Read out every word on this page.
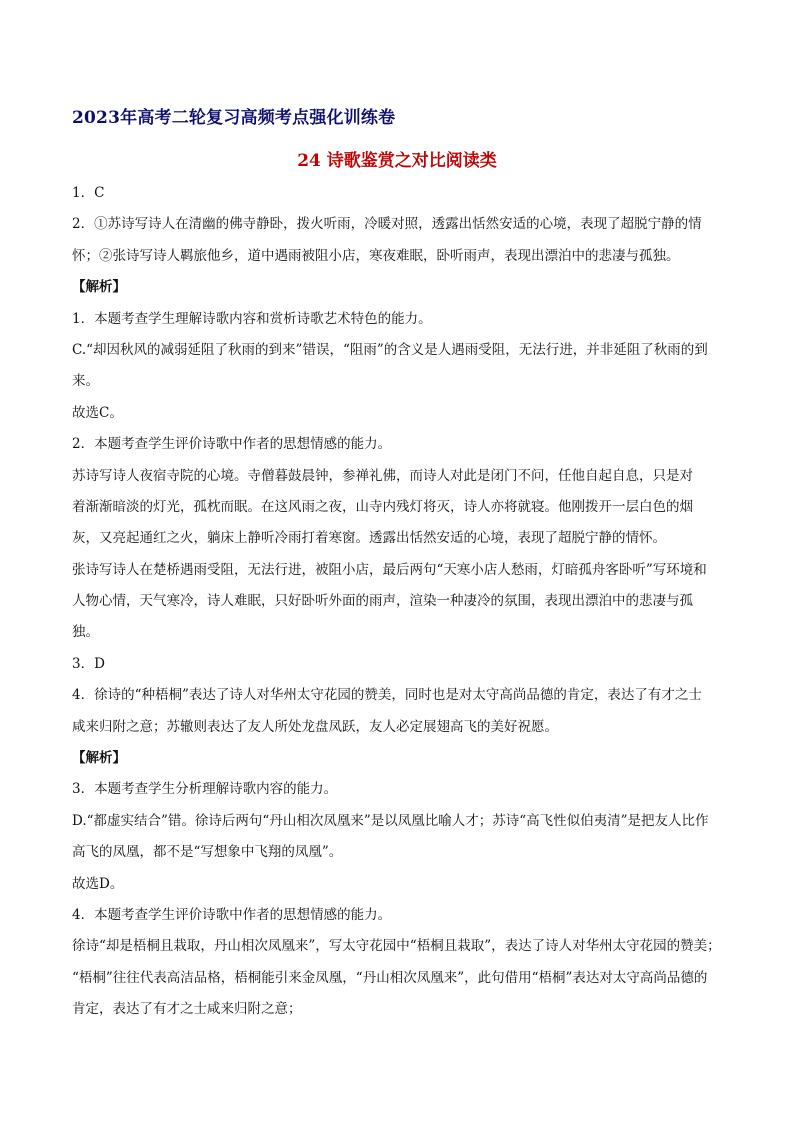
2023年高考二轮复习高频考点强化训练卷
24 诗歌鉴赏之对比阅读类
1．C
2．①苏诗写诗人在清幽的佛寺静卧，拨火听雨，冷暖对照，透露出恬然安适的心境，表现了超脱宁静的情
怀；②张诗写诗人羁旅他乡，道中遇雨被阻小店，寒夜难眠，卧听雨声，表现出漂泊中的悲凄与孤独。
【解析】
1．本题考查学生理解诗歌内容和赏析诗歌艺术特色的能力。
C.“却因秋风的减弱延阻了秋雨的到来”错误，“阻雨”的含义是人遇雨受阻，无法行进，并非延阻了秋雨的到
来。
故选C。
2．本题考查学生评价诗歌中作者的思想情感的能力。
苏诗写诗人夜宿寺院的心境。寺僧暮鼓晨钟，参禅礼佛，而诗人对此是闭门不问，任他自起自息，只是对
着渐渐暗淡的灯光，孤枕而眠。在这风雨之夜，山寺内残灯将灭，诗人亦将就寝。他刚拨开一层白色的烟
灰，又亮起通红之火，躺床上静听冷雨打着寒窗。透露出恬然安适的心境，表现了超脱宁静的情怀。
张诗写诗人在楚桥遇雨受阻，无法行进，被阻小店，最后两句“天寒小店人愁雨，灯暗孤舟客卧听”写环境和
人物心情，天气寒冷，诗人难眠，只好卧听外面的雨声，渲染一种凄冷的氛围，表现出漂泊中的悲凄与孤
独。
3．D
4．徐诗的“种梧桐”表达了诗人对华州太守花园的赞美，同时也是对太守高尚品德的肯定，表达了有才之士
咸来归附之意；苏辙则表达了友人所处龙盘凤跃，友人必定展翅高飞的美好祝愿。
【解析】
3．本题考查学生分析理解诗歌内容的能力。
D.“都虚实结合”错。徐诗后两句“丹山相次凤凰来”是以凤凰比喻人才；苏诗“高飞性似伯夷清”是把友人比作
高飞的凤凰，都不是“写想象中飞翔的凤凰”。
故选D。
4．本题考查学生评价诗歌中作者的思想情感的能力。
徐诗“却是梧桐且栽取，丹山相次凤凰来”，写太守花园中“梧桐且栽取”，表达了诗人对华州太守花园的赞美；
“梧桐”往往代表高洁品格，梧桐能引来金凤凰，“丹山相次凤凰来”，此句借用“梧桐”表达对太守高尚品德的
肯定，表达了有才之士咸来归附之意；
